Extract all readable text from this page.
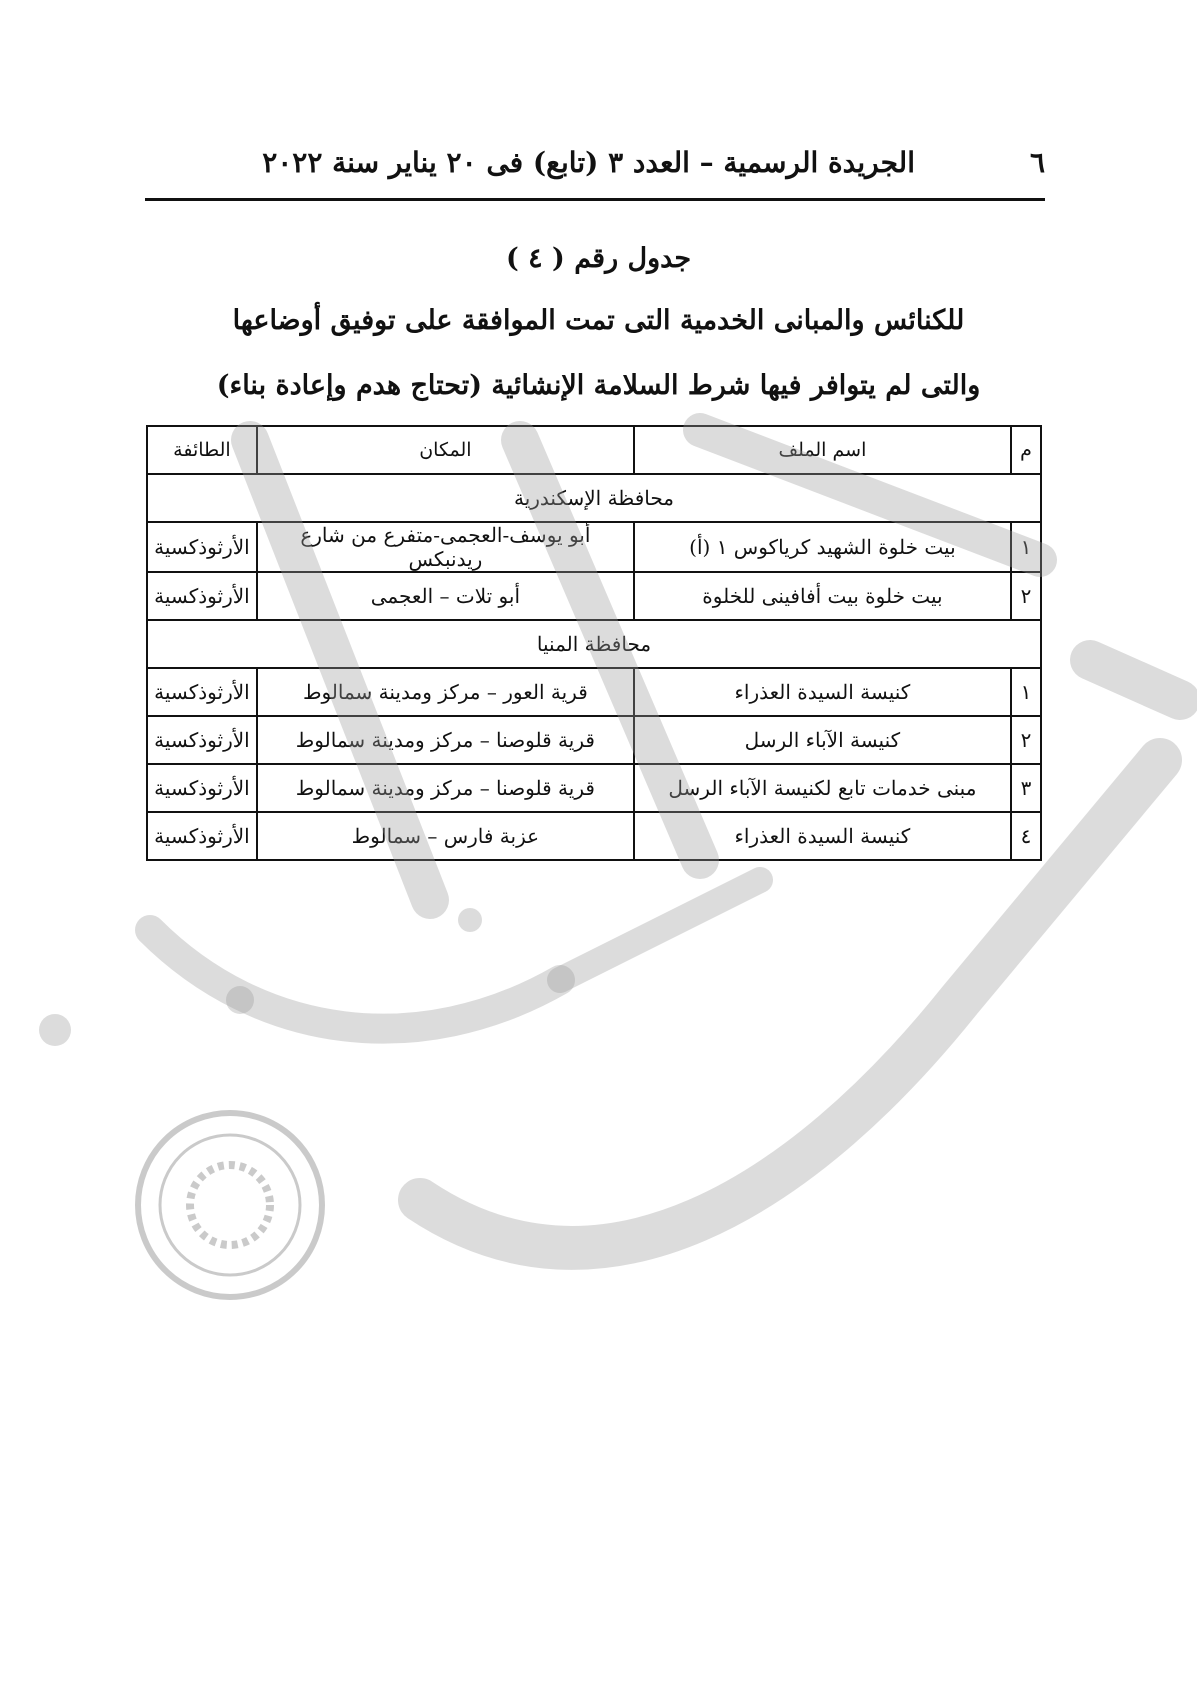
٦
الجريدة الرسمية – العدد ٣ (تابع) فى ٢٠ يناير سنة ٢٠٢٢
جدول رقم ( ٤ )
للكنائس والمبانى الخدمية التى تمت الموافقة على توفيق أوضاعها
والتى لم يتوافر فيها شرط السلامة الإنشائية (تحتاج هدم وإعادة بناء)
م	اسم الملف	المكان	الطائفة
محافظة الإسكندرية			
١	بيت خلوة الشهيد كرياكوس ١ (أ)	أبو يوسف-العجمى-متفرع من شارع ريدنبكس	الأرثوذكسية
٢	بيت خلوة بيت أفافينى للخلوة	أبو تلات – العجمى	الأرثوذكسية
محافظة المنيا			
١	كنيسة السيدة العذراء	قرية العور – مركز ومدينة سمالوط	الأرثوذكسية
٢	كنيسة الآباء الرسل	قرية قلوصنا – مركز ومدينة سمالوط	الأرثوذكسية
٣	مبنى خدمات تابع لكنيسة الآباء الرسل	قرية قلوصنا – مركز ومدينة سمالوط	الأرثوذكسية
٤	كنيسة السيدة العذراء	عزبة فارس – سمالوط	الأرثوذكسية
